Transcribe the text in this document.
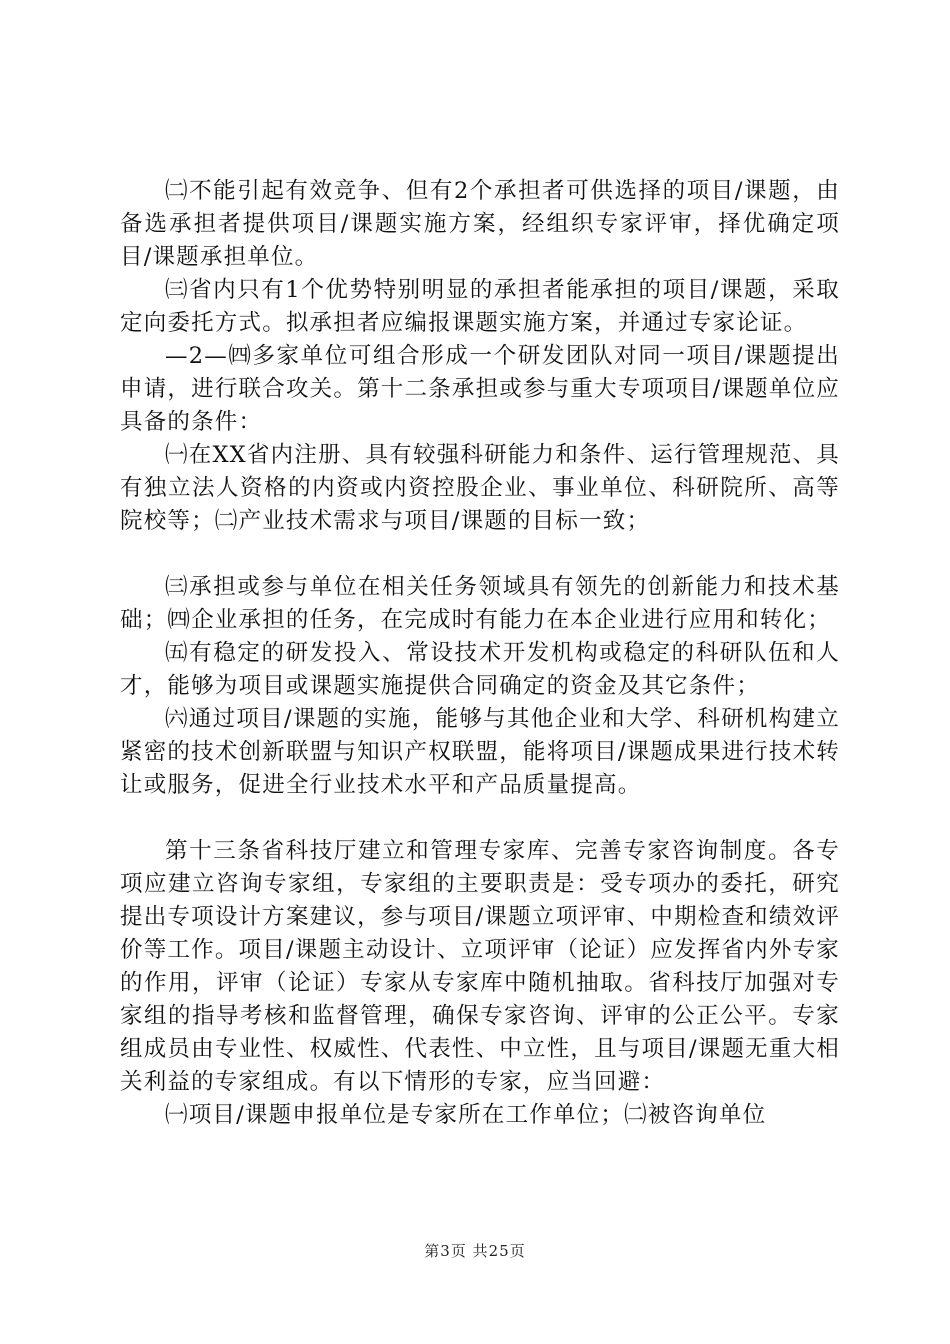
㈡不能引起有效竞争、但有2个承担者可供选择的项目/课题，由备选承担者提供项目/课题实施方案，经组织专家评审，择优确定项目/课题承担单位。

㈢省内只有1个优势特别明显的承担者能承担的项目/课题，采取定向委托方式。拟承担者应编报课题实施方案，并通过专家论证。

—2—㈣多家单位可组合形成一个研发团队对同一项目/课题提出申请，进行联合攻关。第十二条承担或参与重大专项项目/课题单位应具备的条件：

㈠在XX省内注册、具有较强科研能力和条件、运行管理规范、具有独立法人资格的内资或内资控股企业、事业单位、科研院所、高等院校等；㈡产业技术需求与项目/课题的目标一致；

㈢承担或参与单位在相关任务领域具有领先的创新能力和技术基础；㈣企业承担的任务，在完成时有能力在本企业进行应用和转化；

㈤有稳定的研发投入、常设技术开发机构或稳定的科研队伍和人才，能够为项目或课题实施提供合同确定的资金及其它条件；

㈥通过项目/课题的实施，能够与其他企业和大学、科研机构建立紧密的技术创新联盟与知识产权联盟，能将项目/课题成果进行技术转让或服务，促进全行业技术水平和产品质量提高。

第十三条省科技厅建立和管理专家库、完善专家咨询制度。各专项应建立咨询专家组，专家组的主要职责是：受专项办的委托，研究提出专项设计方案建议，参与项目/课题立项评审、中期检查和绩效评价等工作。项目/课题主动设计、立项评审（论证）应发挥省内外专家的作用，评审（论证）专家从专家库中随机抽取。省科技厅加强对专家组的指导考核和监督管理，确保专家咨询、评审的公正公平。专家组成员由专业性、权威性、代表性、中立性，且与项目/课题无重大相关利益的专家组成。有以下情形的专家，应当回避：

㈠项目/课题申报单位是专家所在工作单位；㈡被咨询单位

第3页 共25页
